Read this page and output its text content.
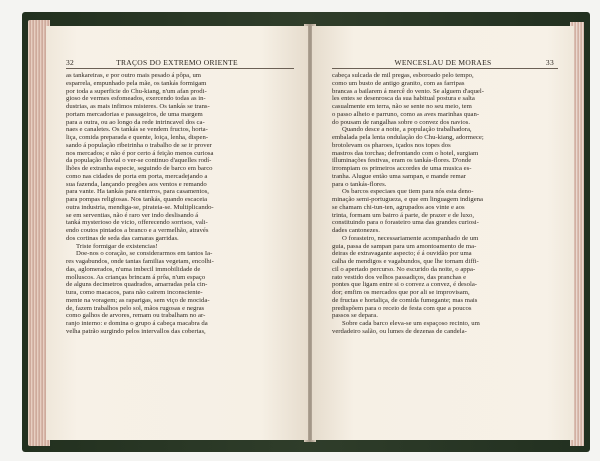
32	TRAÇOS DO EXTREMO ORIENTE
as tankareiras, e por outro mais pesado á pôpa, um
esparrela, empunhado pela mãe, os tankás formigam
por toda a superficie do Chu-kiang, n'um afan prodi-
gioso de vermes esfomeados, exercendo todas as in-
dustrias, as mais infimos misteres. Os tankás se trans-
portam mercadorias e passageiros, de uma margem
para a outra, ou ao longo da rede intrincavel dos ca-
naes e canaletes. Os tankás se vendem fructos, horta-
liça, comida preparada e quente, loiça, lenha, dispen-
sando á população ribeirinha o trabalho de se ir prover
nos mercados; e não é por certo á feição menos curiosa
da população fluvial o ver-se continuo d'aquelles rodí-
lhões de extranha especie, seguindo de barco em barco
como nas cidades de porta em porta, mercadejando a
sua fazenda, lançando pregões aos ventos e remando
para vante. Ha tankás para enterros, para casamentos,
para pompas religiosas. Nos tankás, quando escaceia
outra industria, mendiga-se, pirateia-se. Multiplicando-
se em serventias, não é raro ver indo deslisando á
tanká mysterioso de vicio, offerecendo sorrisos, vali-
endo coutos pintados a branco e a vermelhão, através
dos cortinas de seda das camaras garridas.
Triste formigar de existencias!
Doe-nos o coração, se considerarmos em tantos Ia-
res vagabundos, onde tantas familias vegetam, encolhi-
das, aglomerados, n'uma imbecil immobilidade de
molluscos. As crianças brincam á prôa, n'um espaço
de alguns decimetros quadrados, amarradas pela cin-
tura, como macacos, para não cairem inconsciente-
mente na voragem; as raparigas, sem viço de mocida-
de, fazem trabalhos pelo sol, mãos rugosas e negras
como galhos de arvores, remam ou trabalham no ar-
ranjo interno: e domina o grupo á cabeça macabra da
velha patrão surgindo pelos intervallos das cobertas,
WENCESLAU DE MORAES	33
cabeça sulcada de mil pregas, esboroado pelo tempo,
como um busto de antigo granito, com as farripas
brancas a bailarem á mercê do vento. Se alguem d'aquel-
les entes se desenrosca da sua habitual postura e salta
casualmente em terra, não se sente no seu meio, tem
o passo alheio e parruno, como as aves marinhas quan-
do pousam de rangalhas sobre o convez dos navios.
Quando desce a noite, a população trabalhadora,
embalada pela lenta ondulação do Chu-kiang, adormece;
brotolevam os pharoes, içados nos topes dos
mastros das torchas; defrontando com o hotel, surgiam
illuminações festivas, eram os tankás-flores. D'onde
irrompiam os primeiros accordes de uma musica es-
tranha. Alugue então uma sampan, e mande remar
para o tankás-flores.
Os barcos especiaes que tiem para nós esta deno-
minação semi-portugueza, e que em linguagem indigena
se chamam chi-tun-ten, agrupados aos vinte e aos
trinta, formam um bairro á parte, de prazer e de luxo,
constituindo para o forasteiro uma das grandes curiosi-
dades cantonezes.
O forasteiro, necessariamente acompanhado de um
guia, passa de sampan para um amontoamento de ma-
deiras de extravagante aspecto; é á ouvidão por uma
calha de mendigos e vagabundos, que lhe tornam diffi-
cil o apertado percurso. No escurido da noite, o appa-
rato vestido dos velhos passadiços, das pranchas e
pontes que ligam entre si o convez a convez, é desola-
dor; emfim os mercados que por ali se improvisam,
de fructas e hortaliça, de comida fumegante; mas mais
predispõem para o receio de festa com que a poucos
passos se depara.
Sobre cada barco eleva-se um espaçoso recinto, um
verdadeiro salão, ou lumes de dezenas de candela-
